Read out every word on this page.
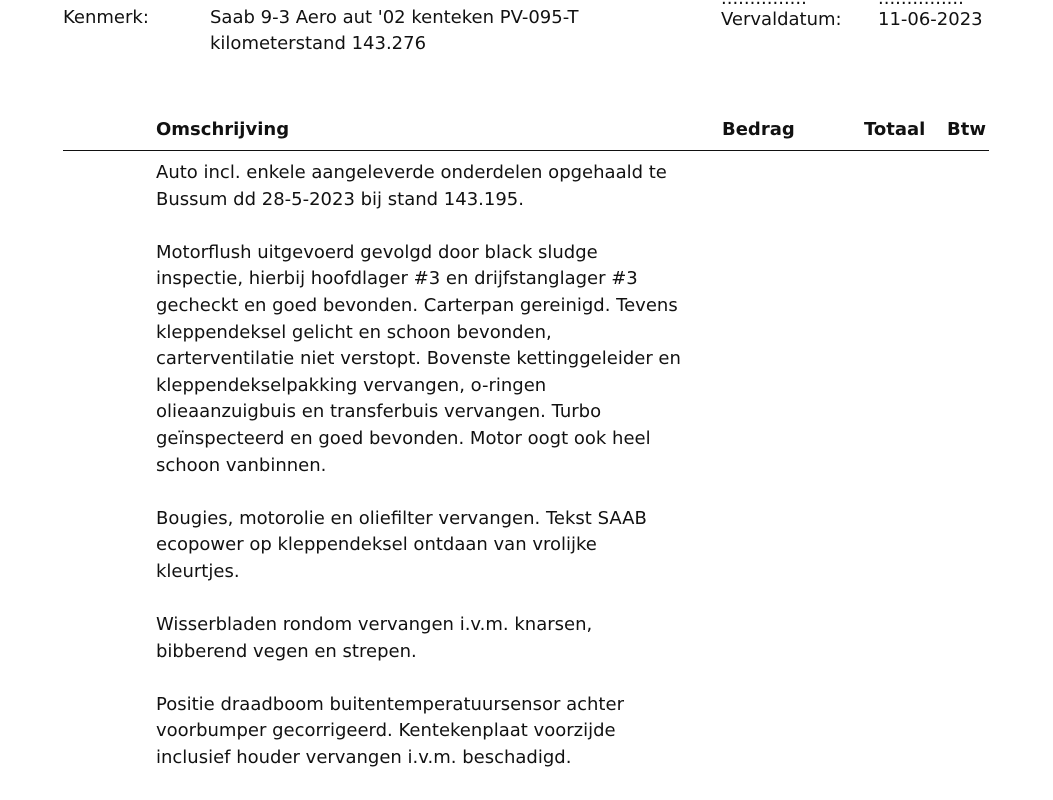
Kenmerk:	Saab 9-3 Aero aut '02 kenteken PV-095-T
kilometerstand 143.276
Vervaldatum: 11-06-2023
Omschrijving	Bedrag	Totaal Btw
Auto incl. enkele aangeleverde onderdelen opgehaald te
Bussum dd 28-5-2023 bij stand 143.195.
Motorflush uitgevoerd gevolgd door black sludge
inspectie, hierbij hoofdlager #3 en drijfstanglager #3
gecheckt en goed bevonden. Carterpan gereinigd. Tevens
kleppendeksel gelicht en schoon bevonden,
carterventilatie niet verstopt. Bovenste kettinggeleider en
kleppendekselpakking vervangen, o-ringen
olieaanzuigbuis en transferbuis vervangen. Turbo
geïnspecteerd en goed bevonden. Motor oogt ook heel
schoon vanbinnen.
Bougies, motorolie en oliefilter vervangen. Tekst SAAB
ecopower op kleppendeksel ontdaan van vrolijke
kleurtjes.
Wisserbladen rondom vervangen i.v.m. knarsen,
bibberend vegen en strepen.
Positie draadboom buitentemperatuursensor achter
voorbumper gecorrigeerd. Kentekenplaat voorzijde
inclusief houder vervangen i.v.m. beschadigd.
